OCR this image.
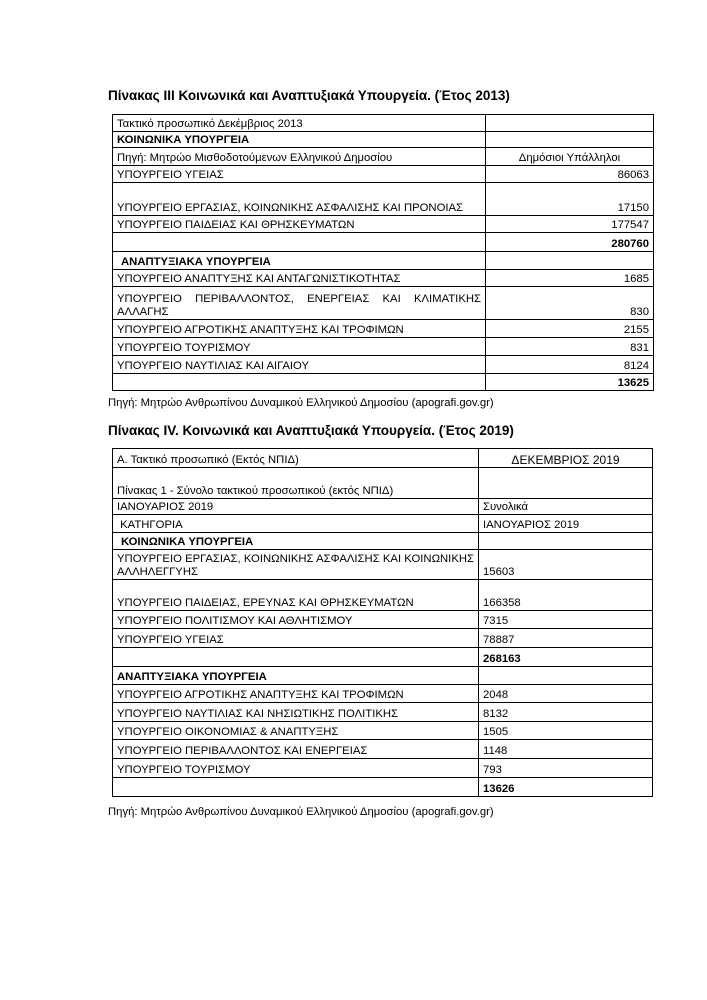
Πίνακας ΙΙΙ Κοινωνικά και Αναπτυξιακά Υπουργεία. (Έτος 2013)
Τακτικό προσωπικό Δεκέμβριος 2013	
ΚΟΙΝΩΝΙΚΑ ΥΠΟΥΡΓΕΙΑ	
Πηγή: Μητρώο Μισθοδοτούμενων Ελληνικού Δημοσίου	Δημόσιοι Υπάλληλοι
ΥΠΟΥΡΓΕΙΟ ΥΓΕΙΑΣ	86063
ΥΠΟΥΡΓΕΙΟ ΕΡΓΑΣΙΑΣ, ΚΟΙΝΩΝΙΚΗΣ ΑΣΦΑΛΙΣΗΣ ΚΑΙ ΠΡΟΝΟΙΑΣ	17150
ΥΠΟΥΡΓΕΙΟ ΠΑΙΔΕΙΑΣ ΚΑΙ ΘΡΗΣΚΕΥΜΑΤΩΝ	177547
	280760
ΑΝΑΠΤΥΞΙΑΚΑ ΥΠΟΥΡΓΕΙΑ	
ΥΠΟΥΡΓΕΙΟ ΑΝΑΠΤΥΞΗΣ ΚΑΙ ΑΝΤΑΓΩΝΙΣΤΙΚΟΤΗΤΑΣ	1685
ΥΠΟΥΡΓΕΙΟ ΠΕΡΙΒΑΛΛΟΝΤΟΣ, ΕΝΕΡΓΕΙΑΣ ΚΑΙ ΚΛΙΜΑΤΙΚΗΣ ΑΛΛΑΓΗΣ	830
ΥΠΟΥΡΓΕΙΟ ΑΓΡΟΤΙΚΗΣ ΑΝΑΠΤΥΞΗΣ ΚΑΙ ΤΡΟΦΙΜΩΝ	2155
ΥΠΟΥΡΓΕΙΟ ΤΟΥΡΙΣΜΟΥ	831
ΥΠΟΥΡΓΕΙΟ ΝΑΥΤΙΛΙΑΣ ΚΑΙ ΑΙΓΑΙΟΥ	8124
	13625
Πηγή: Μητρώο Ανθρωπίνου Δυναμικού Ελληνικού Δημοσίου (apografi.gov.gr)
Πίνακας IV. Κοινωνικά και Αναπτυξιακά Υπουργεία. (Έτος 2019)
Α. Τακτικό προσωπικό (Εκτός ΝΠΙΔ)	ΔΕΚΕΜΒΡΙΟΣ 2019
Πίνακας 1 - Σύνολο τακτικού προσωπικού (εκτός ΝΠΙΔ)	
ΙΑΝΟΥΑΡΙΟΣ 2019	Συνολικά
ΚΑΤΗΓΟΡΙΑ	ΙΑΝΟΥΑΡΙΟΣ 2019
ΚΟΙΝΩΝΙΚΑ ΥΠΟΥΡΓΕΙΑ	
ΥΠΟΥΡΓΕΙΟ ΕΡΓΑΣΙΑΣ, ΚΟΙΝΩΝΙΚΗΣ ΑΣΦΑΛΙΣΗΣ ΚΑΙ ΚΟΙΝΩΝΙΚΗΣ ΑΛΛΗΛΕΓΓΥΗΣ	15603
ΥΠΟΥΡΓΕΙΟ ΠΑΙΔΕΙΑΣ, ΕΡΕΥΝΑΣ ΚΑΙ ΘΡΗΣΚΕΥΜΑΤΩΝ	166358
ΥΠΟΥΡΓΕΙΟ ΠΟΛΙΤΙΣΜΟΥ ΚΑΙ ΑΘΛΗΤΙΣΜΟΥ	7315
ΥΠΟΥΡΓΕΙΟ ΥΓΕΙΑΣ	78887
	268163
ΑΝΑΠΤΥΞΙΑΚΑ ΥΠΟΥΡΓΕΙΑ	
ΥΠΟΥΡΓΕΙΟ ΑΓΡΟΤΙΚΗΣ ΑΝΑΠΤΥΞΗΣ ΚΑΙ ΤΡΟΦΙΜΩΝ	2048
ΥΠΟΥΡΓΕΙΟ ΝΑΥΤΙΛΙΑΣ ΚΑΙ ΝΗΣΙΩΤΙΚΗΣ ΠΟΛΙΤΙΚΗΣ	8132
ΥΠΟΥΡΓΕΙΟ ΟΙΚΟΝΟΜΙΑΣ & ΑΝΑΠΤΥΞΗΣ	1505
ΥΠΟΥΡΓΕΙΟ ΠΕΡΙΒΑΛΛΟΝΤΟΣ ΚΑΙ ΕΝΕΡΓΕΙΑΣ	1148
ΥΠΟΥΡΓΕΙΟ ΤΟΥΡΙΣΜΟΥ	793
	13626
Πηγή: Μητρώο Ανθρωπίνου Δυναμικού Ελληνικού Δημοσίου (apografi.gov.gr)
